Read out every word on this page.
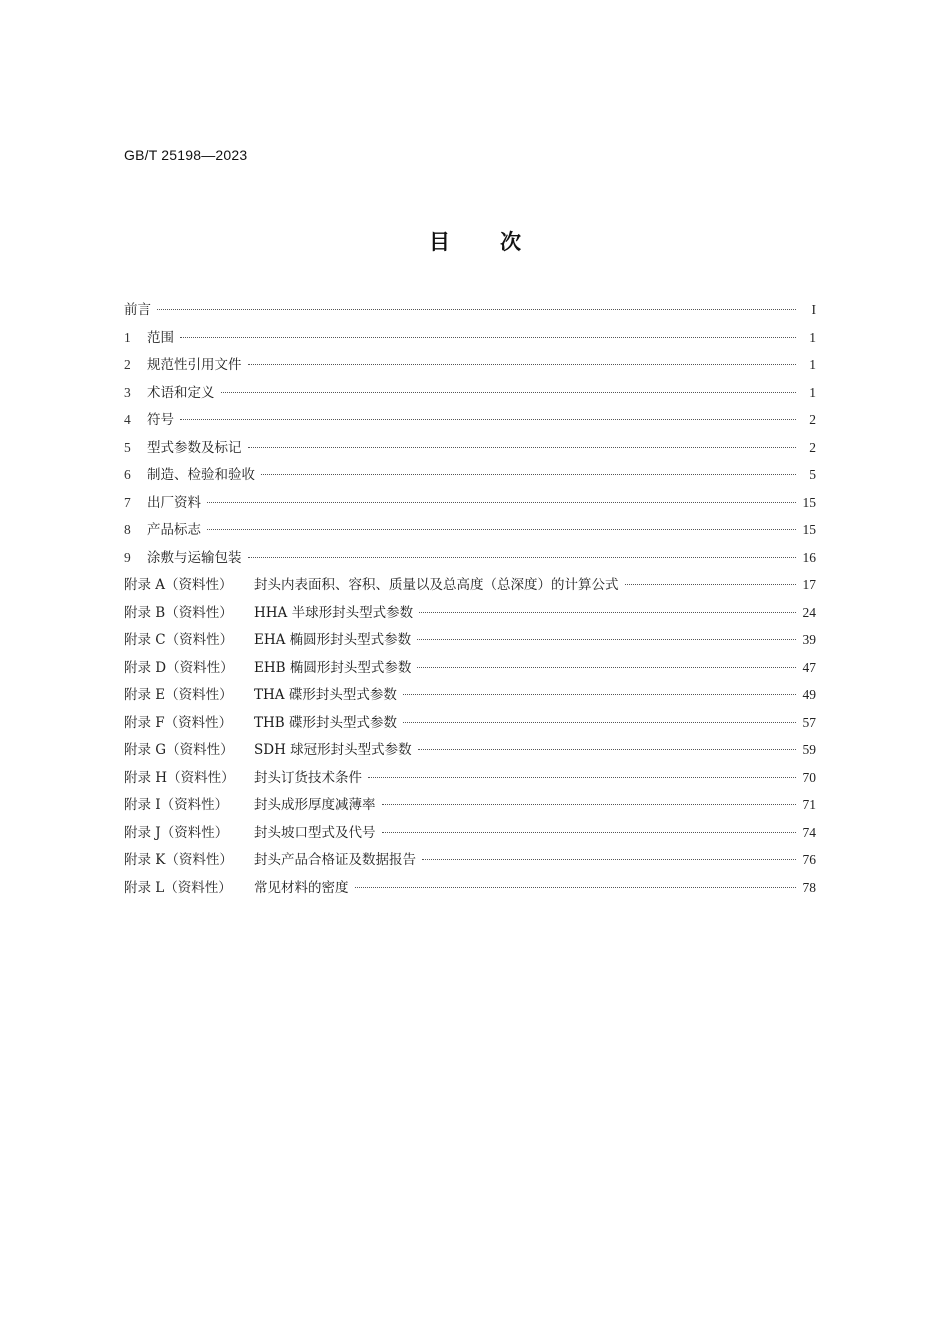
GB/T 25198—2023
目次
前言	I
1	范围	1
2	规范性引用文件	1
3	术语和定义	1
4	符号	2
5	型式参数及标记	2
6	制造、检验和验收	5
7	出厂资料	15
8	产品标志	15
9	涂敷与运输包装	16
附录 A（资料性）	封头内表面积、容积、质量以及总高度（总深度）的计算公式	17
附录 B（资料性）	HHA 半球形封头型式参数	24
附录 C（资料性）	EHA 椭圆形封头型式参数	39
附录 D（资料性）	EHB 椭圆形封头型式参数	47
附录 E（资料性）	THA 碟形封头型式参数	49
附录 F（资料性）	THB 碟形封头型式参数	57
附录 G（资料性）	SDH 球冠形封头型式参数	59
附录 H（资料性）	封头订货技术条件	70
附录 I（资料性）	封头成形厚度减薄率	71
附录 J（资料性）	封头坡口型式及代号	74
附录 K（资料性）	封头产品合格证及数据报告	76
附录 L（资料性）	常见材料的密度	78
